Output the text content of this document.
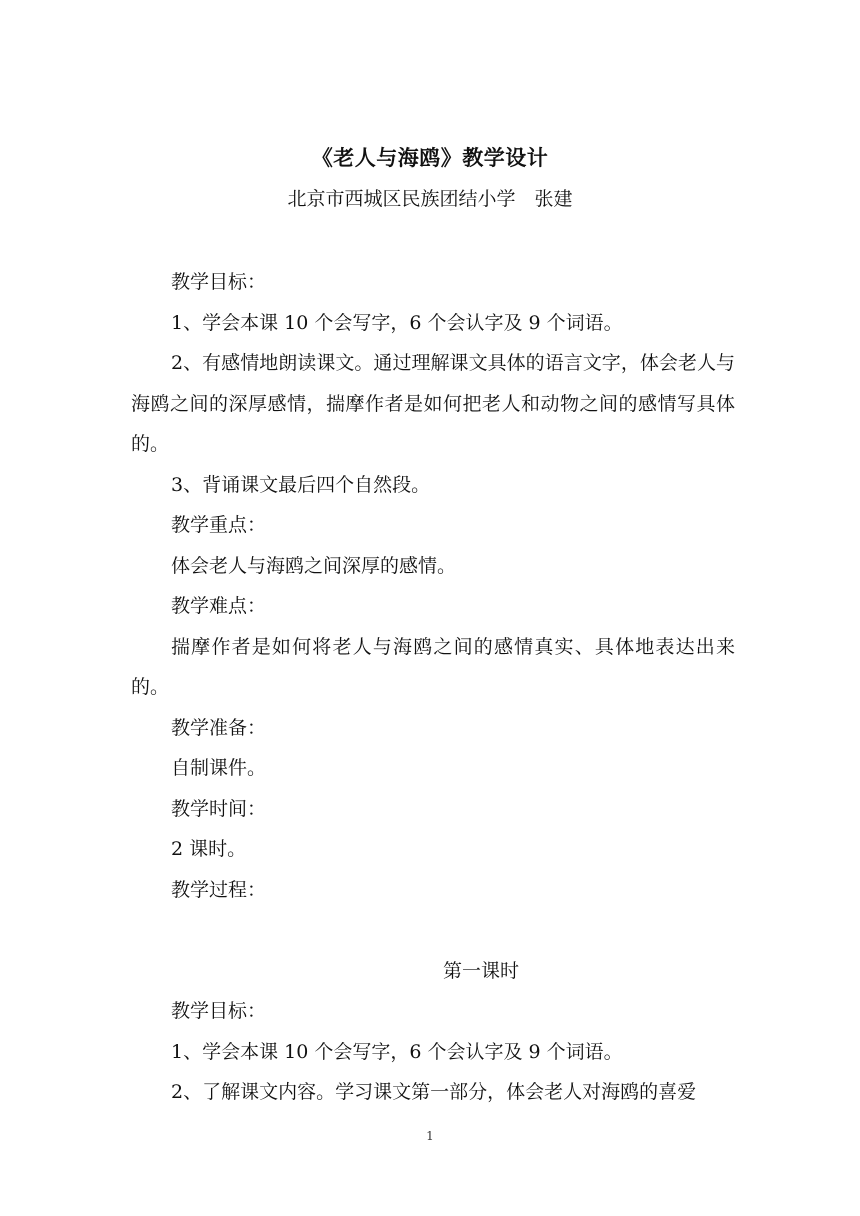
《老人与海鸥》教学设计
北京市西城区民族团结小学　张建

教学目标：

1、学会本课 10 个会写字，6 个会认字及 9 个词语。

2、有感情地朗读课文。通过理解课文具体的语言文字，体会老人与海鸥之间的深厚感情，揣摩作者是如何把老人和动物之间的感情写具体的。

3、背诵课文最后四个自然段。

教学重点：

体会老人与海鸥之间深厚的感情。

教学难点：

揣摩作者是如何将老人与海鸥之间的感情真实、具体地表达出来的。

教学准备：

自制课件。

教学时间：

2 课时。

教学过程：

第一课时

教学目标：

1、学会本课 10 个会写字，6 个会认字及 9 个词语。

2、了解课文内容。学习课文第一部分，体会老人对海鸥的喜爱

1
